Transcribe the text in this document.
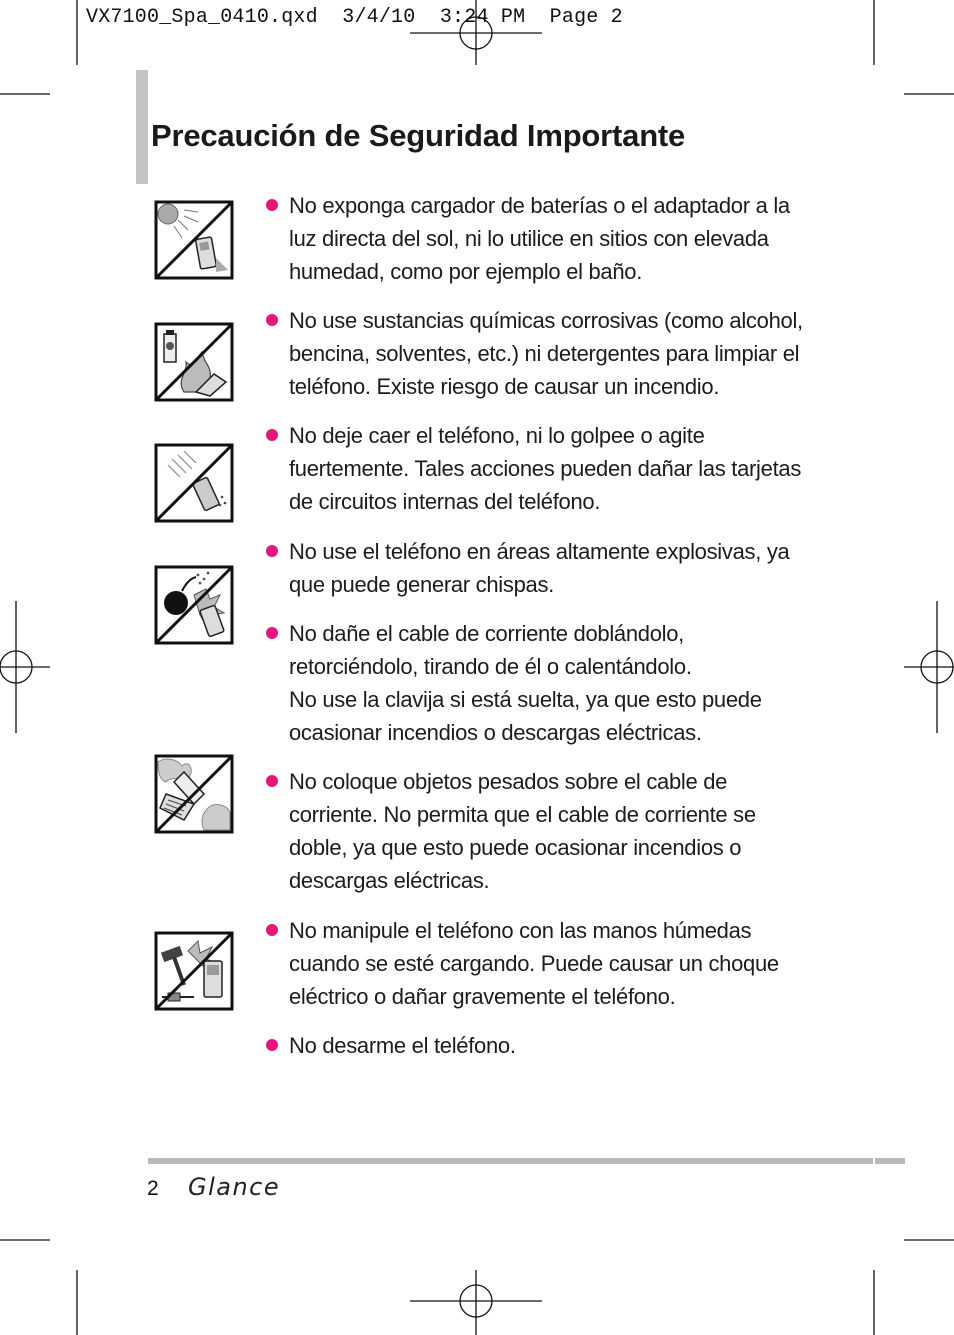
VX7100_Spa_0410.qxd  3/4/10  3:24 PM  Page 2
Precaución de Seguridad Importante
No exponga cargador de baterías o el adaptador a la
luz directa del sol, ni lo utilice en sitios con elevada
humedad, como por ejemplo el baño.
No use sustancias químicas corrosivas (como alcohol,
bencina, solventes, etc.) ni detergentes para limpiar el
teléfono. Existe riesgo de causar un incendio.
No deje caer el teléfono, ni lo golpee o agite
fuertemente. Tales acciones pueden dañar las tarjetas
de circuitos internas del teléfono.
No use el teléfono en áreas altamente explosivas, ya
que puede generar chispas.
No dañe el cable de corriente doblándolo,
retorciéndolo, tirando de él o calentándolo.
No use la clavija si está suelta, ya que esto puede
ocasionar incendios o descargas eléctricas.
No coloque objetos pesados sobre el cable de
corriente. No permita que el cable de corriente se
doble, ya que esto puede ocasionar incendios o
descargas eléctricas.
No manipule el teléfono con las manos húmedas
cuando se esté cargando. Puede causar un choque
eléctrico o dañar gravemente el teléfono.
No desarme el teléfono.
2 Glance
